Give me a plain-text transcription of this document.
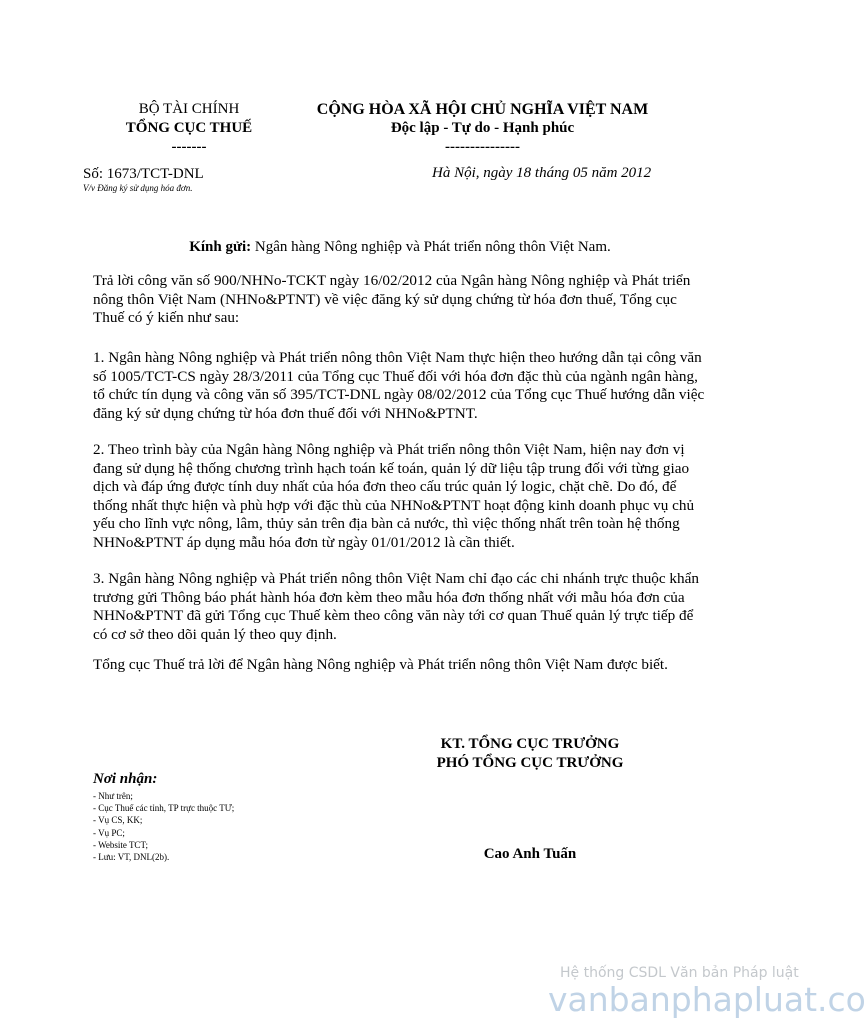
BỘ TÀI CHÍNH
TỔNG CỤC THUẾ
-------
CỘNG HÒA XÃ HỘI CHỦ NGHĨA VIỆT NAM
Độc lập - Tự do - Hạnh phúc
---------------
Số: 1673/TCT-DNL
V/v Đăng ký sử dụng hóa đơn.
Hà Nội, ngày 18 tháng 05 năm 2012
Kính gửi: Ngân hàng Nông nghiệp và Phát triển nông thôn Việt Nam.

Trả lời công văn số 900/NHNo-TCKT ngày 16/02/2012 của Ngân hàng Nông nghiệp và Phát triển nông thôn Việt Nam (NHNo&PTNT) về việc đăng ký sử dụng chứng từ hóa đơn thuế, Tổng cục Thuế có ý kiến như sau:

1. Ngân hàng Nông nghiệp và Phát triển nông thôn Việt Nam thực hiện theo hướng dẫn tại công văn số 1005/TCT-CS ngày 28/3/2011 của Tổng cục Thuế đối với hóa đơn đặc thù của ngành ngân hàng, tổ chức tín dụng và công văn số 395/TCT-DNL ngày 08/02/2012 của Tổng cục Thuế hướng dẫn việc đăng ký sử dụng chứng từ hóa đơn thuế đối với NHNo&PTNT.

2. Theo trình bày của Ngân hàng Nông nghiệp và Phát triển nông thôn Việt Nam, hiện nay đơn vị đang sử dụng hệ thống chương trình hạch toán kế toán, quản lý dữ liệu tập trung đối với từng giao dịch và đáp ứng được tính duy nhất của hóa đơn theo cấu trúc quản lý logic, chặt chẽ. Do đó, để thống nhất thực hiện và phù hợp với đặc thù của NHNo&PTNT hoạt động kinh doanh phục vụ chủ yếu cho lĩnh vực nông, lâm, thủy sản trên địa bàn cả nước, thì việc thống nhất trên toàn hệ thống NHNo&PTNT áp dụng mẫu hóa đơn từ ngày 01/01/2012 là cần thiết.

3. Ngân hàng Nông nghiệp và Phát triển nông thôn Việt Nam chỉ đạo các chi nhánh trực thuộc khẩn trương gửi Thông báo phát hành hóa đơn kèm theo mẫu hóa đơn thống nhất với mẫu hóa đơn của NHNo&PTNT đã gửi Tổng cục Thuế kèm theo công văn này tới cơ quan Thuế quản lý trực tiếp để có cơ sở theo dõi quản lý theo quy định.

Tổng cục Thuế trả lời để Ngân hàng Nông nghiệp và Phát triển nông thôn Việt Nam được biết.

KT. TỔNG CỤC TRƯỞNG
PHÓ TỔNG CỤC TRƯỞNG
Cao Anh Tuấn
Nơi nhận:
- Như trên;
- Cục Thuế các tỉnh, TP trực thuộc TƯ;
- Vụ CS, KK;
- Vụ PC;
- Website TCT;
- Lưu: VT, DNL(2b).
Hệ thống CSDL Văn bản Pháp luật
vanbanphapluat.co
